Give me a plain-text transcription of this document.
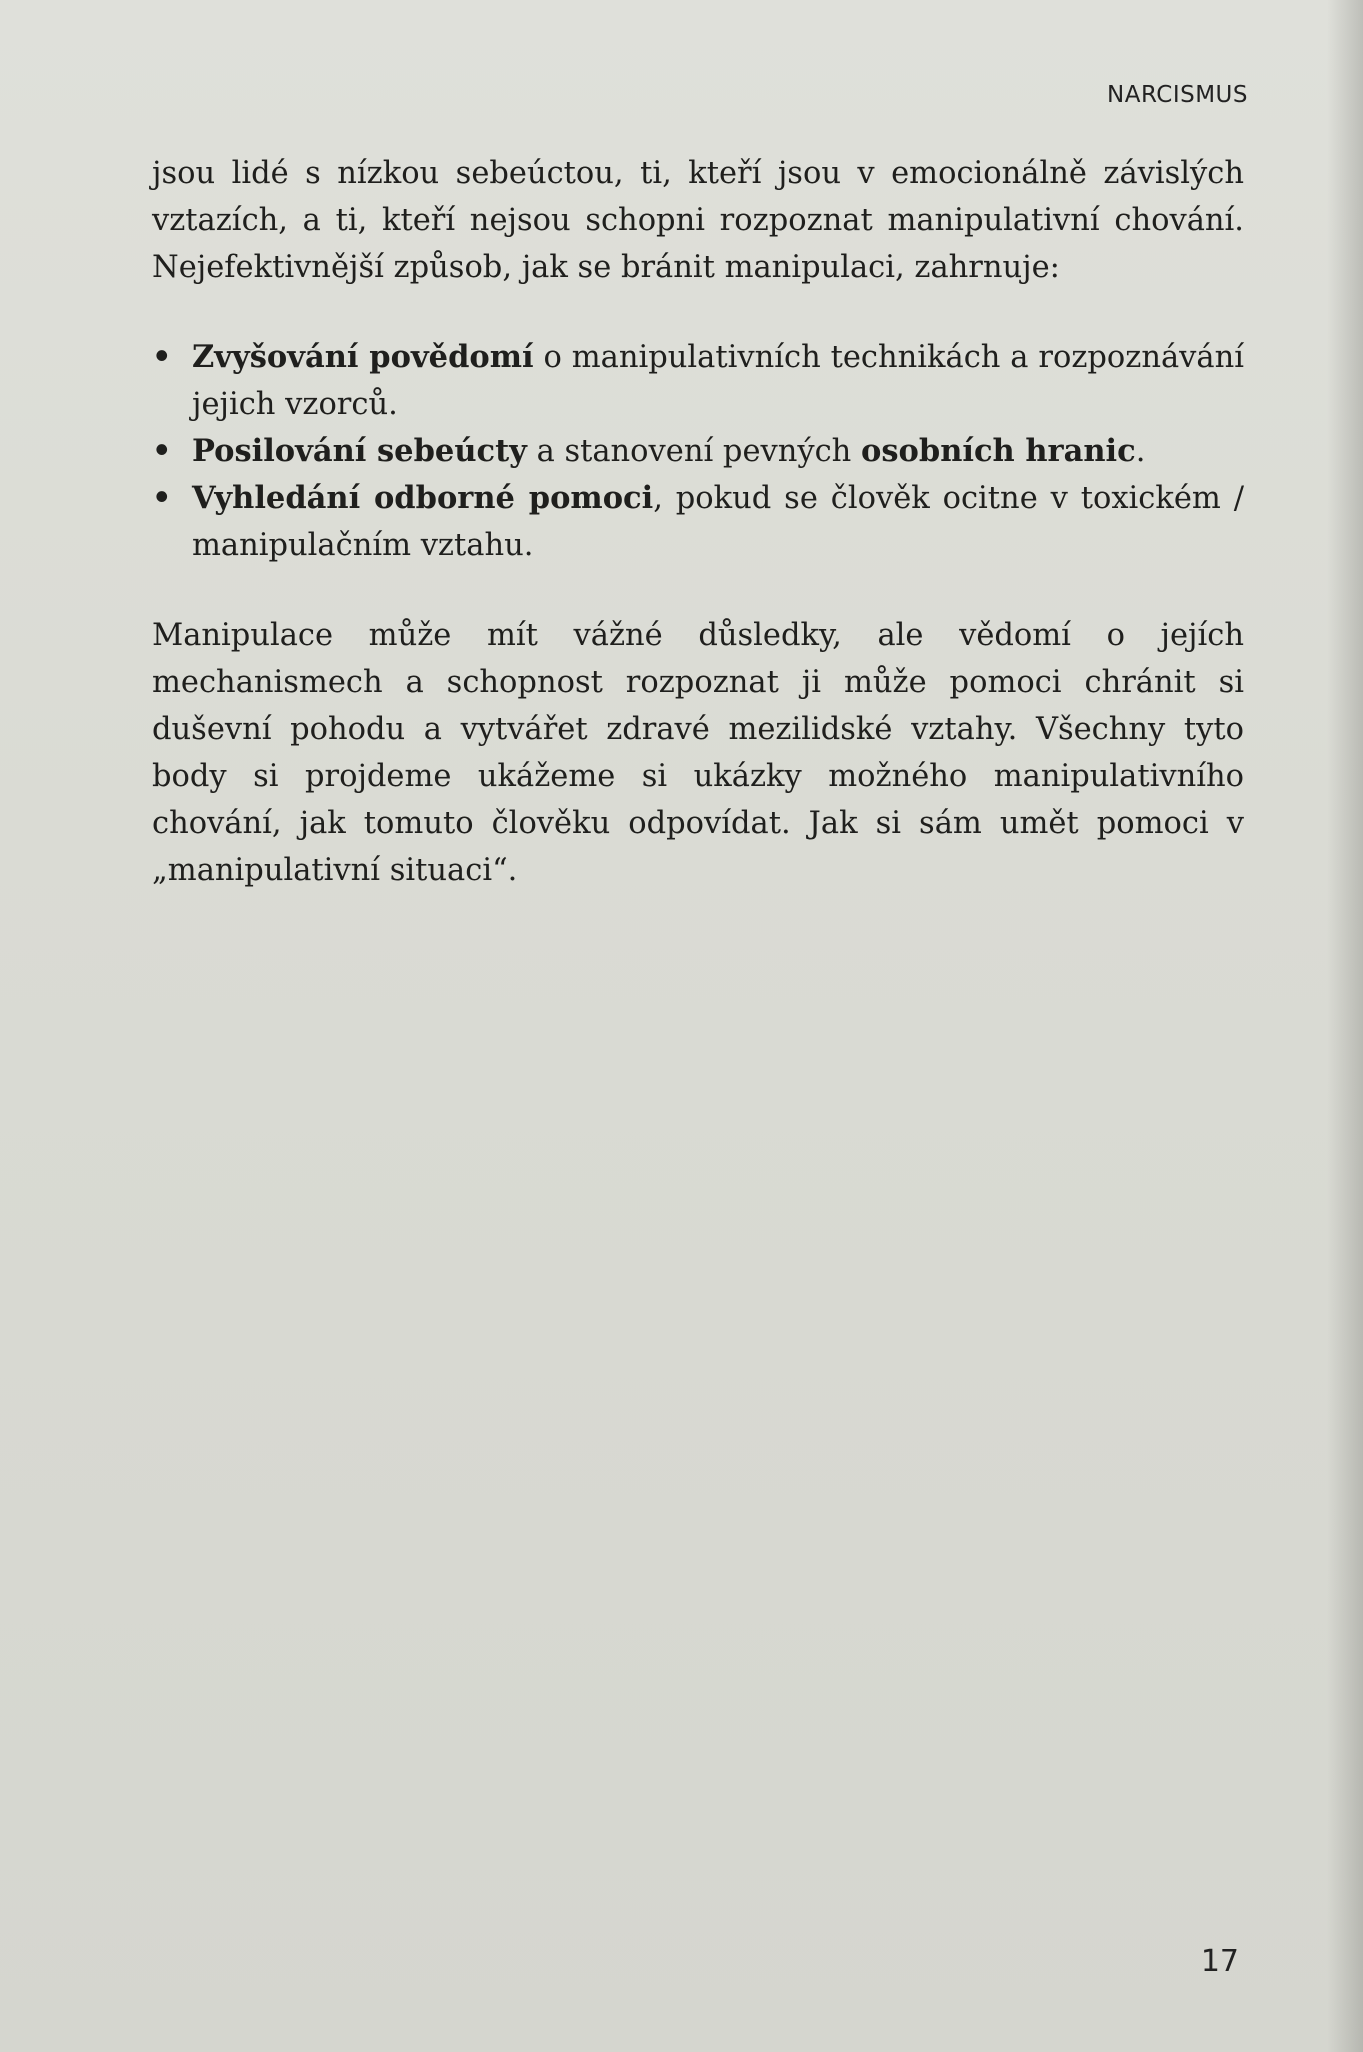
NARCISMUS

jsou lidé s nízkou sebeúctou, ti, kteří jsou v emocionálně závislých vztazích, a ti, kteří nejsou schopni rozpoznat manipulativní chování. Nejefektivnější způsob, jak se bránit manipulaci, zahrnuje:

• Zvyšování povědomí o manipulativních technikách a rozpoznávání jejich vzorců.
• Posilování sebeúcty a stanovení pevných osobních hranic.
• Vyhledání odborné pomoci, pokud se člověk ocitne v toxickém / manipulačním vztahu.

Manipulace může mít vážné důsledky, ale vědomí o jejích mechanismech a schopnost rozpoznat ji může pomoci chránit si duševní pohodu a vytvářet zdravé mezilidské vztahy. Všechny tyto body si projdeme ukážeme si ukázky možného manipulativního chování, jak tomuto člověku odpovídat. Jak si sám umět pomoci v „manipulativní situaci“.

17
